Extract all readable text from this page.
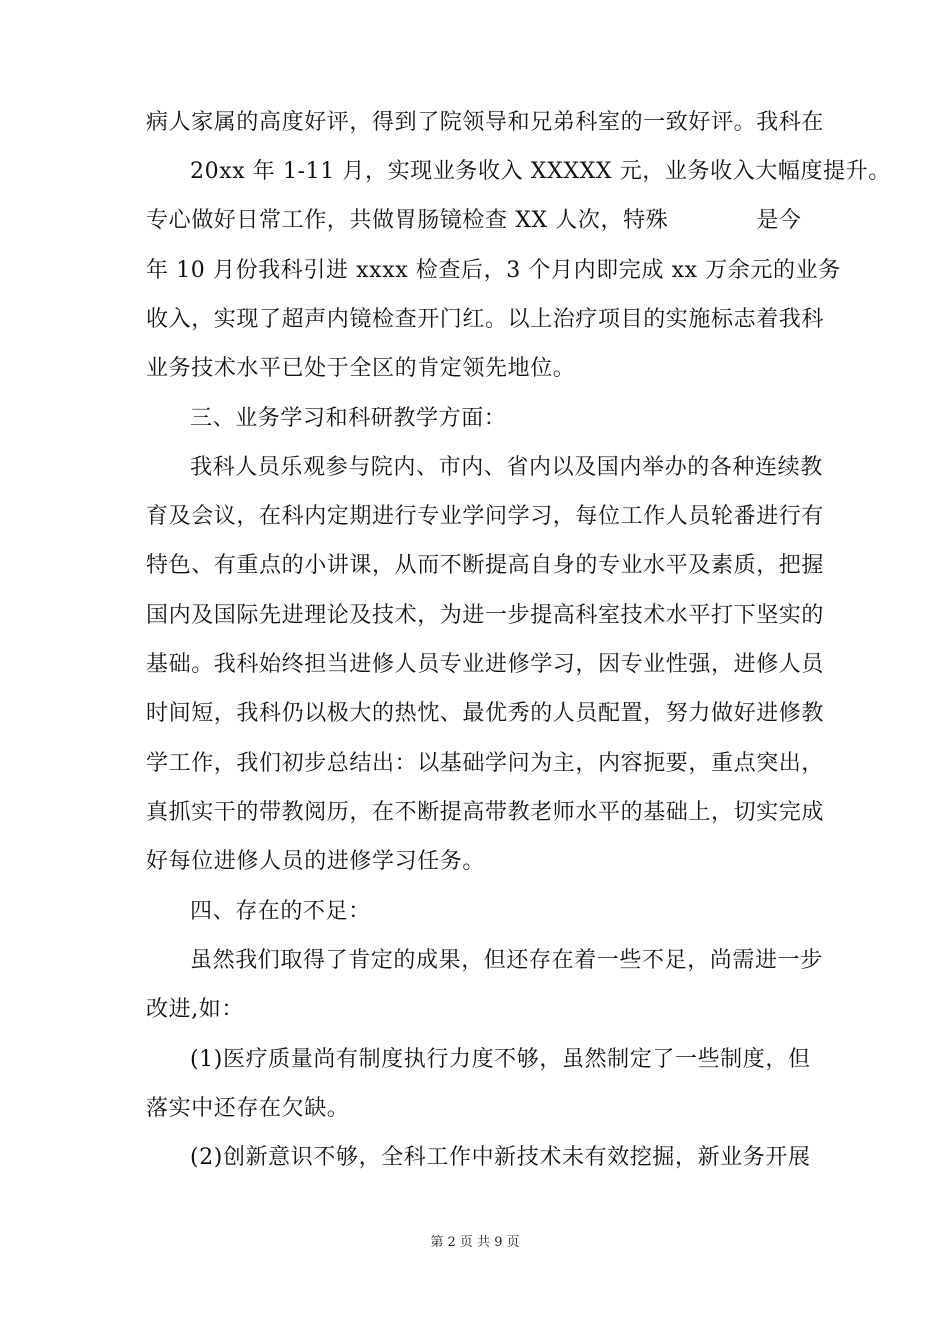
病人家属的高度好评，得到了院领导和兄弟科室的一致好评。我科在
20xx 年 1-11 月，实现业务收入 XXXXX 元，业务收入大幅度提升。
专心做好日常工作，共做胃肠镜检查 XX 人次，特殊	是今
年 10 月份我科引进 xxxx 检查后，3 个月内即完成 xx 万余元的业务
收入，实现了超声内镜检查开门红。以上治疗项目的实施标志着我科
业务技术水平已处于全区的肯定领先地位。
三、业务学习和科研教学方面：
我科人员乐观参与院内、市内、省内以及国内举办的各种连续教
育及会议，在科内定期进行专业学问学习，每位工作人员轮番进行有
特色、有重点的小讲课，从而不断提高自身的专业水平及素质，把握
国内及国际先进理论及技术，为进一步提高科室技术水平打下坚实的
基础。我科始终担当进修人员专业进修学习，因专业性强，进修人员
时间短，我科仍以极大的热忱、最优秀的人员配置，努力做好进修教
学工作，我们初步总结出：以基础学问为主，内容扼要，重点突出，
真抓实干的带教阅历，在不断提高带教老师水平的基础上，切实完成
好每位进修人员的进修学习任务。
四、存在的不足：
虽然我们取得了肯定的成果，但还存在着一些不足，尚需进一步
改进,如：
(1)医疗质量尚有制度执行力度不够，虽然制定了一些制度，但
落实中还存在欠缺。
(2)创新意识不够，全科工作中新技术未有效挖掘，新业务开展
第 2 页 共 9 页
